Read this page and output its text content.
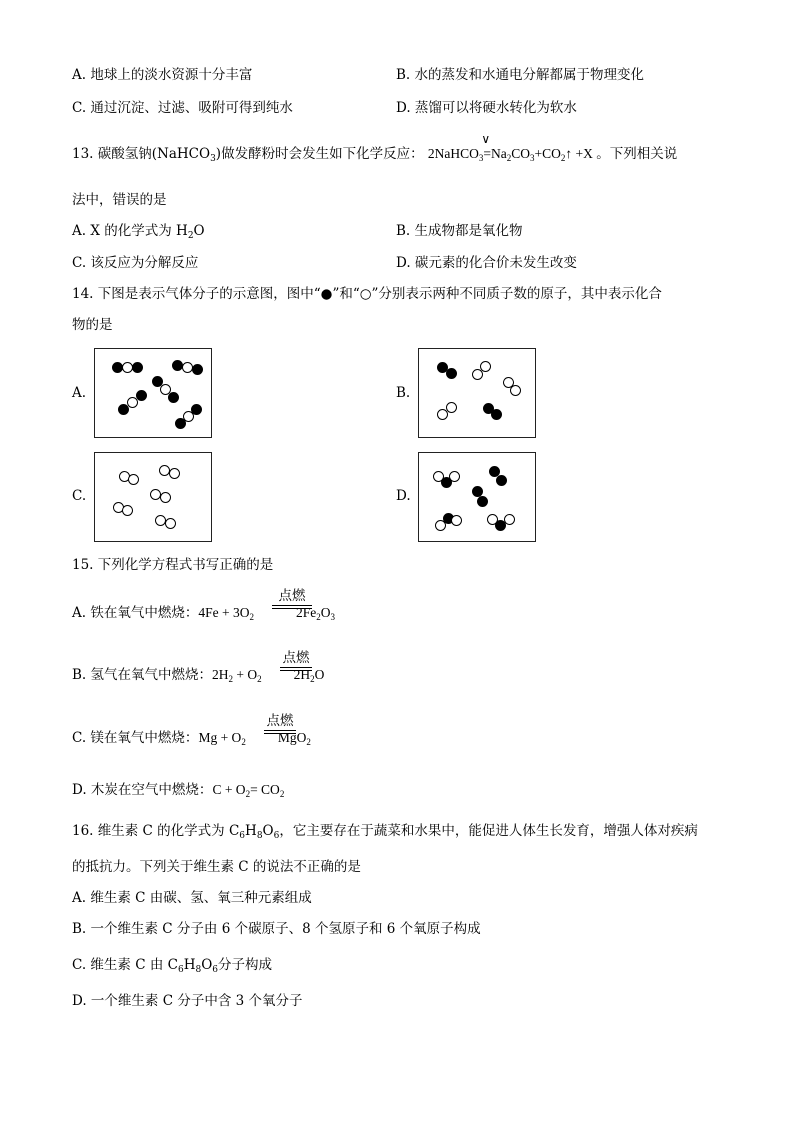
A. 地球上的淡水资源十分丰富	B. 水的蒸发和水通电分解都属于物理变化
C. 通过沉淀、过滤、吸附可得到纯水	D. 蒸馏可以将硬水转化为软水
13. 碳酸氢钠(NaHCO$_3$)做发酵粉时会发生如下化学反应： 2NaHCO$_3$
∨
$=Na_2CO_3+CO_2↑ +X$ 。下列相关说
法中，错误的是
A. X 的化学式为 $H_2O$	B. 生成物都是氧化物
C. 该反应为分解反应	D. 碳元素的化合价未发生改变
14. 下图是表示气体分子的示意图，图中“●”和“○”分别表示两种不同质子数的原子，其中表示化合
物的是
A.	B.
C.	D.
15. 下列化学方程式书写正确的是
A. 铁在氧气中燃烧：$4Fe + 3O_2$	$2Fe_2O_3$
点燃
B. 氢气在氧气中燃烧：$2H_2 + O_2$ $2H_2O$
点燃
C. 镁在氧气中燃烧：$Mg + O_2$ MgO$_2$
点燃
D. 木炭在空气中燃烧：$C + O_2= CO_2$
16. 维生素 C 的化学式为 $C_6H_8O_6$，它主要存在于蔬菜和水果中，能促进人体生长发育，增强人体对疾病
的抵抗力。下列关于维生素 C 的说法不正确的是
A. 维生素 C 由碳、氢、氧三种元素组成
B. 一个维生素 C 分子由 6 个碳原子、8 个氢原子和 6 个氧原子构成
C. 维生素 C 由 $C_6H_8O_6$分子构成
D. 一个维生素 C 分子中含 3 个氧分子
